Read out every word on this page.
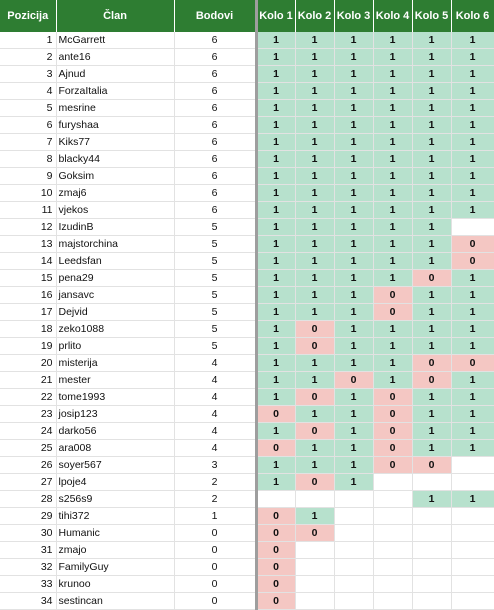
Pozicija	Član	Bodovi	Kolo 1	Kolo 2	Kolo 3	Kolo 4	Kolo 5	Kolo 6
1	McGarrett	6	1	1	1	1	1	1
2	ante16	6	1	1	1	1	1	1
3	Ajnud	6	1	1	1	1	1	1
4	ForzaItalia	6	1	1	1	1	1	1
5	mesrine	6	1	1	1	1	1	1
6	furyshaa	6	1	1	1	1	1	1
7	Kiks77	6	1	1	1	1	1	1
8	blacky44	6	1	1	1	1	1	1
9	Goksim	6	1	1	1	1	1	1
10	zmaj6	6	1	1	1	1	1	1
11	vjekos	6	1	1	1	1	1	1
12	IzudinB	5	1	1	1	1	1	
13	majstorchina	5	1	1	1	1	1	0
14	Leedsfan	5	1	1	1	1	1	0
15	pena29	5	1	1	1	1	0	1
16	jansavc	5	1	1	1	0	1	1
17	Dejvid	5	1	1	1	0	1	1
18	zeko1088	5	1	0	1	1	1	1
19	prlito	5	1	0	1	1	1	1
20	misterija	4	1	1	1	1	0	0
21	mester	4	1	1	0	1	0	1
22	tome1993	4	1	0	1	0	1	1
23	josip123	4	0	1	1	0	1	1
24	darko56	4	1	0	1	0	1	1
25	ara008	4	0	1	1	0	1	1
26	soyer567	3	1	1	1	0	0	
27	lpoje4	2	1	0	1			
28	s256s9	2					1	1
29	tihi372	1	0	1				
30	Humanic	0	0	0				
31	zmajo	0	0					
32	FamilyGuy	0	0					
33	krunoo	0	0					
34	sestincan	0	0					
